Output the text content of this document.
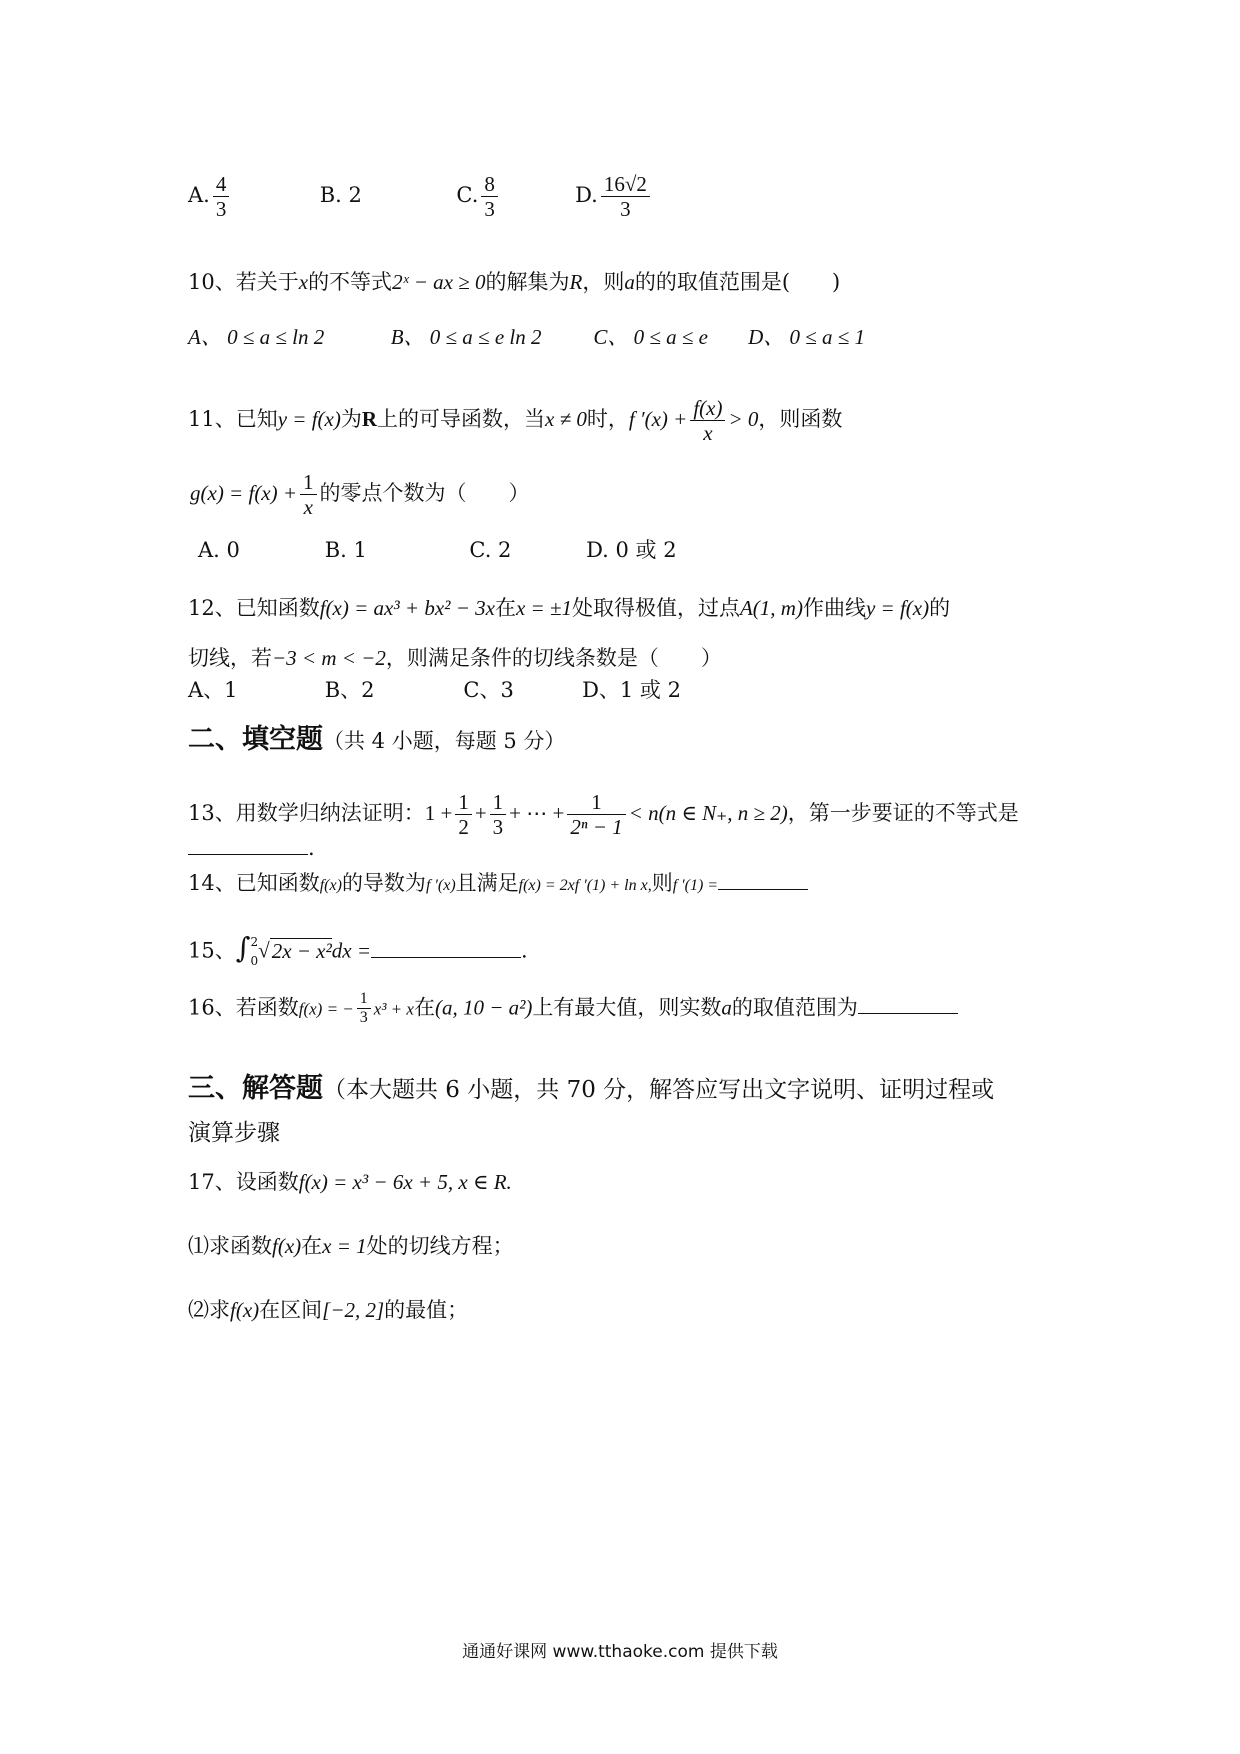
A. $\frac{4}{3}$	B. 2	C. $\frac{8}{3}$	D. $\frac{16√2}{3}$
10、若关于x的不等式2ˣ − ax ≥ 0的解集为R，则a的的取值范围是(　　)
A、 0 ≤ a ≤ ln 2	B、 0 ≤ a ≤ e ln 2 C、 0 ≤ a ≤ e D、 0 ≤ a ≤ 1
11、已知y = f(x)为R上的可导函数，当x ≠ 0时，f $'(x) + \frac{f(x)}{x} > 0$，则函数
$g(x) = f(x) + \frac{1}{x}$ 的零点个数为（　　）
A. 0	B. 1	C. 2	D. 0 或 2
12、已知函数f(x) = ax³ + bx² − 3x在x = ±1处取得极值，过点A(1, m)作曲线y = f(x)的
切线，若−3 < m < −2，则满足条件的切线条数是（　　）
A、1	B、2	C、3	D、1 或 2
二、填空题（共 4 小题，每题 5 分）
13、用数学归纳法证明：$1 + \frac{1}{2} + \frac{1}{3}$ + ⋯ + $\frac{1}{\text{2ⁿ − 1}} < n(n$ ∈ N₊, n ≥ 2)，第一步要证的不等式是
.
14、已知函数f(x)的导数为f ′(x)且满足f(x) = 2xf ′(1) + ln x,则f ′(1) =
15、∫ 2
0 √2x − x²dx =	.
16、若函数f(x) = − $\frac{1}{3} x^3 + x$在(a, 10 − a²)上有最大值，则实数a的取值范围为
三、解答题（本大题共 6 小题，共 70 分，解答应写出文字说明、证明过程或
演算步骤
17、设函数f(x) = x³ − 6x + 5, x ∈ R.
⑴求函数f(x)在x = 1处的切线方程；
⑵求f(x)在区间[−2, 2]的最值；
通通好课网 www.tthaoke.com 提供下载
